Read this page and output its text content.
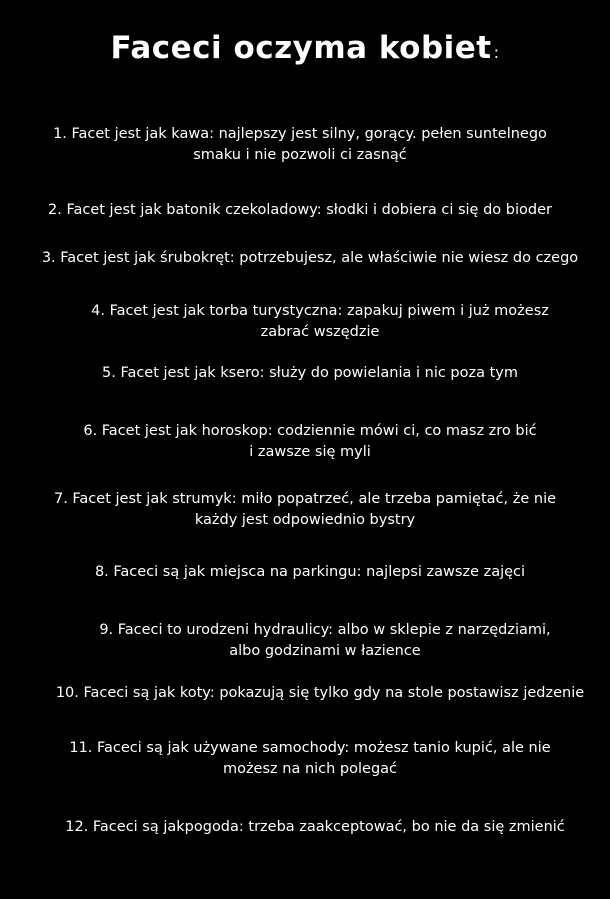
Faceci oczyma kobiet :
1. Facet jest jak kawa: najlepszy jest silny, gorący. pełen suntelnego
smaku i nie pozwoli ci zasnąć
2. Facet jest jak batonik czekoladowy: słodki i dobiera ci się do bioder
3. Facet jest jak śrubokręt: potrzebujesz, ale właściwie nie wiesz do czego
4. Facet jest jak torba turystyczna: zapakuj piwem i już możesz
zabrać wszędzie
5. Facet jest jak ksero: służy do powielania i nic poza tym
6. Facet jest jak horoskop: codziennie mówi ci, co masz zro bić
i zawsze się myli
7. Facet jest jak strumyk: miło popatrzeć, ale trzeba pamiętać, że nie
każdy jest odpowiednio bystry
8. Faceci są jak miejsca na parkingu: najlepsi zawsze zajęci
9. Faceci to urodzeni hydraulicy: albo w sklepie z narzędziami,
albo godzinami w łazience
10. Faceci są jak koty: pokazują się tylko gdy na stole postawisz jedzenie
11. Faceci są jak używane samochody: możesz tanio kupić, ale nie
możesz na nich polegać
12. Faceci są jakpogoda: trzeba zaakceptować, bo nie da się zmienić
